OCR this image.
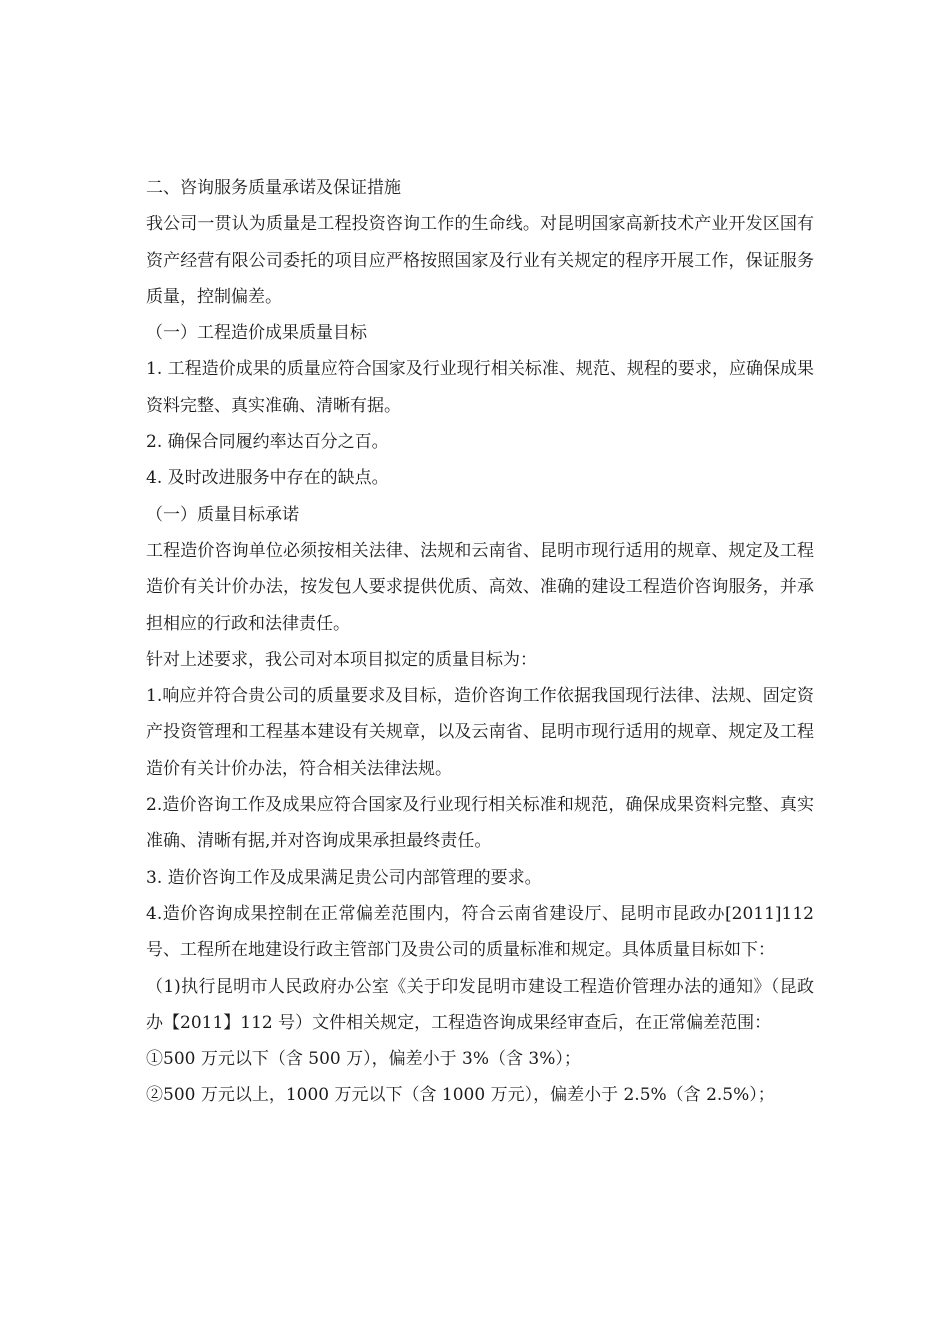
二、咨询服务质量承诺及保证措施

我公司一贯认为质量是工程投资咨询工作的生命线。对昆明国家高新技术产业开发区国有资产经营有限公司委托的项目应严格按照国家及行业有关规定的程序开展工作，保证服务质量，控制偏差。

（一）工程造价成果质量目标

1. 工程造价成果的质量应符合国家及行业现行相关标准、规范、规程的要求，应确保成果资料完整、真实准确、清晰有据。

2. 确保合同履约率达百分之百。

4. 及时改进服务中存在的缺点。

（一）质量目标承诺

工程造价咨询单位必须按相关法律、法规和云南省、昆明市现行适用的规章、规定及工程造价有关计价办法，按发包人要求提供优质、高效、准确的建设工程造价咨询服务，并承担相应的行政和法律责任。

针对上述要求，我公司对本项目拟定的质量目标为：

1.响应并符合贵公司的质量要求及目标，造价咨询工作依据我国现行法律、法规、固定资产投资管理和工程基本建设有关规章，以及云南省、昆明市现行适用的规章、规定及工程造价有关计价办法，符合相关法律法规。

2.造价咨询工作及成果应符合国家及行业现行相关标准和规范，确保成果资料完整、真实准确、清晰有据,并对咨询成果承担最终责任。

3. 造价咨询工作及成果满足贵公司内部管理的要求。

4.造价咨询成果控制在正常偏差范围内，符合云南省建设厅、昆明市昆政办[2011]112 号、工程所在地建设行政主管部门及贵公司的质量标准和规定。具体质量目标如下：

（1)执行昆明市人民政府办公室《关于印发昆明市建设工程造价管理办法的通知》（昆政办【2011】112 号）文件相关规定，工程造咨询成果经审查后，在正常偏差范围：

①500 万元以下（含 500 万），偏差小于 3%（含 3%）；

②500 万元以上，1000 万元以下（含 1000 万元），偏差小于 2.5%（含 2.5%）；
